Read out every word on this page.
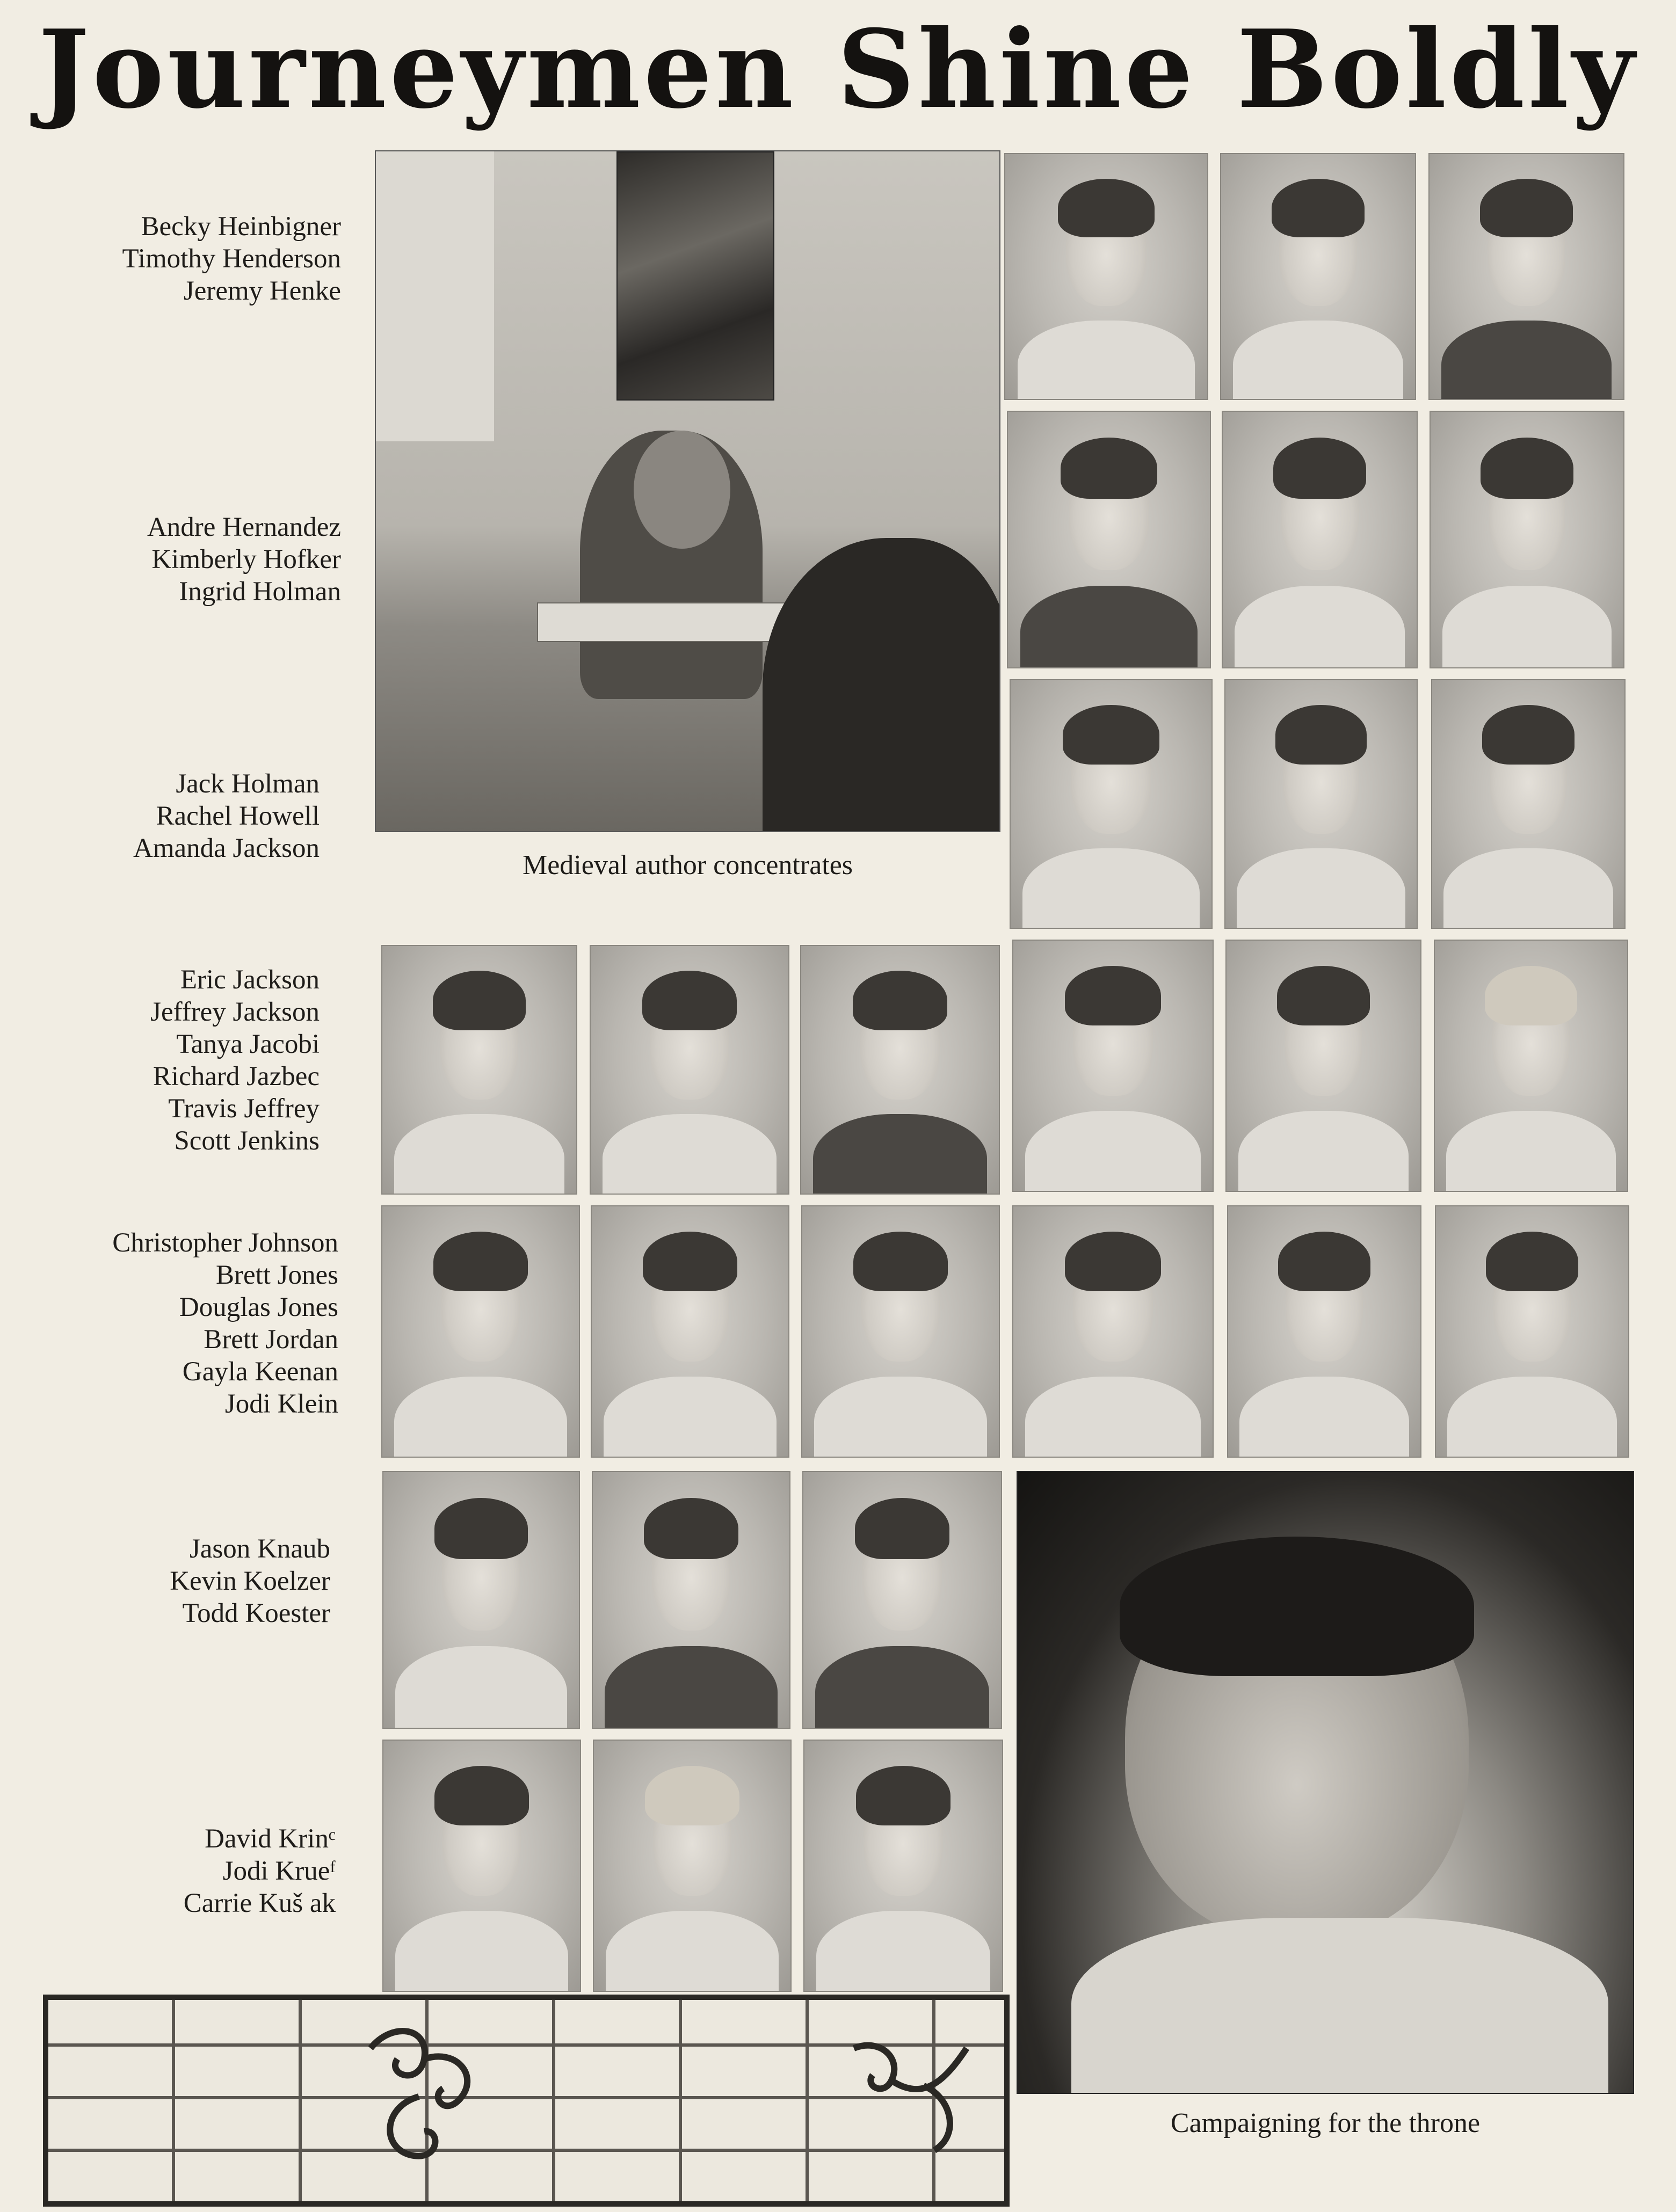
Journeymen Shine Boldly
Becky Heinbigner
Timothy Henderson
Jeremy Henke
Andre Hernandez
Kimberly Hofker
Ingrid Holman
Jack Holman
Rachel Howell
Amanda Jackson
Eric Jackson
Jeffrey Jackson
Tanya Jacobi
Richard Jazbec
Travis Jeffrey
Scott Jenkins
Christopher Johnson
Brett Jones
Douglas Jones
Brett Jordan
Gayla Keenan
Jodi Klein
Jason Knaub
Kevin Koelzer
Todd Koester
David Krinᶜ
Jodi Krueᶠ
Carrie Kuš ak
Medieval author concentrates
Campaigning for the throne
